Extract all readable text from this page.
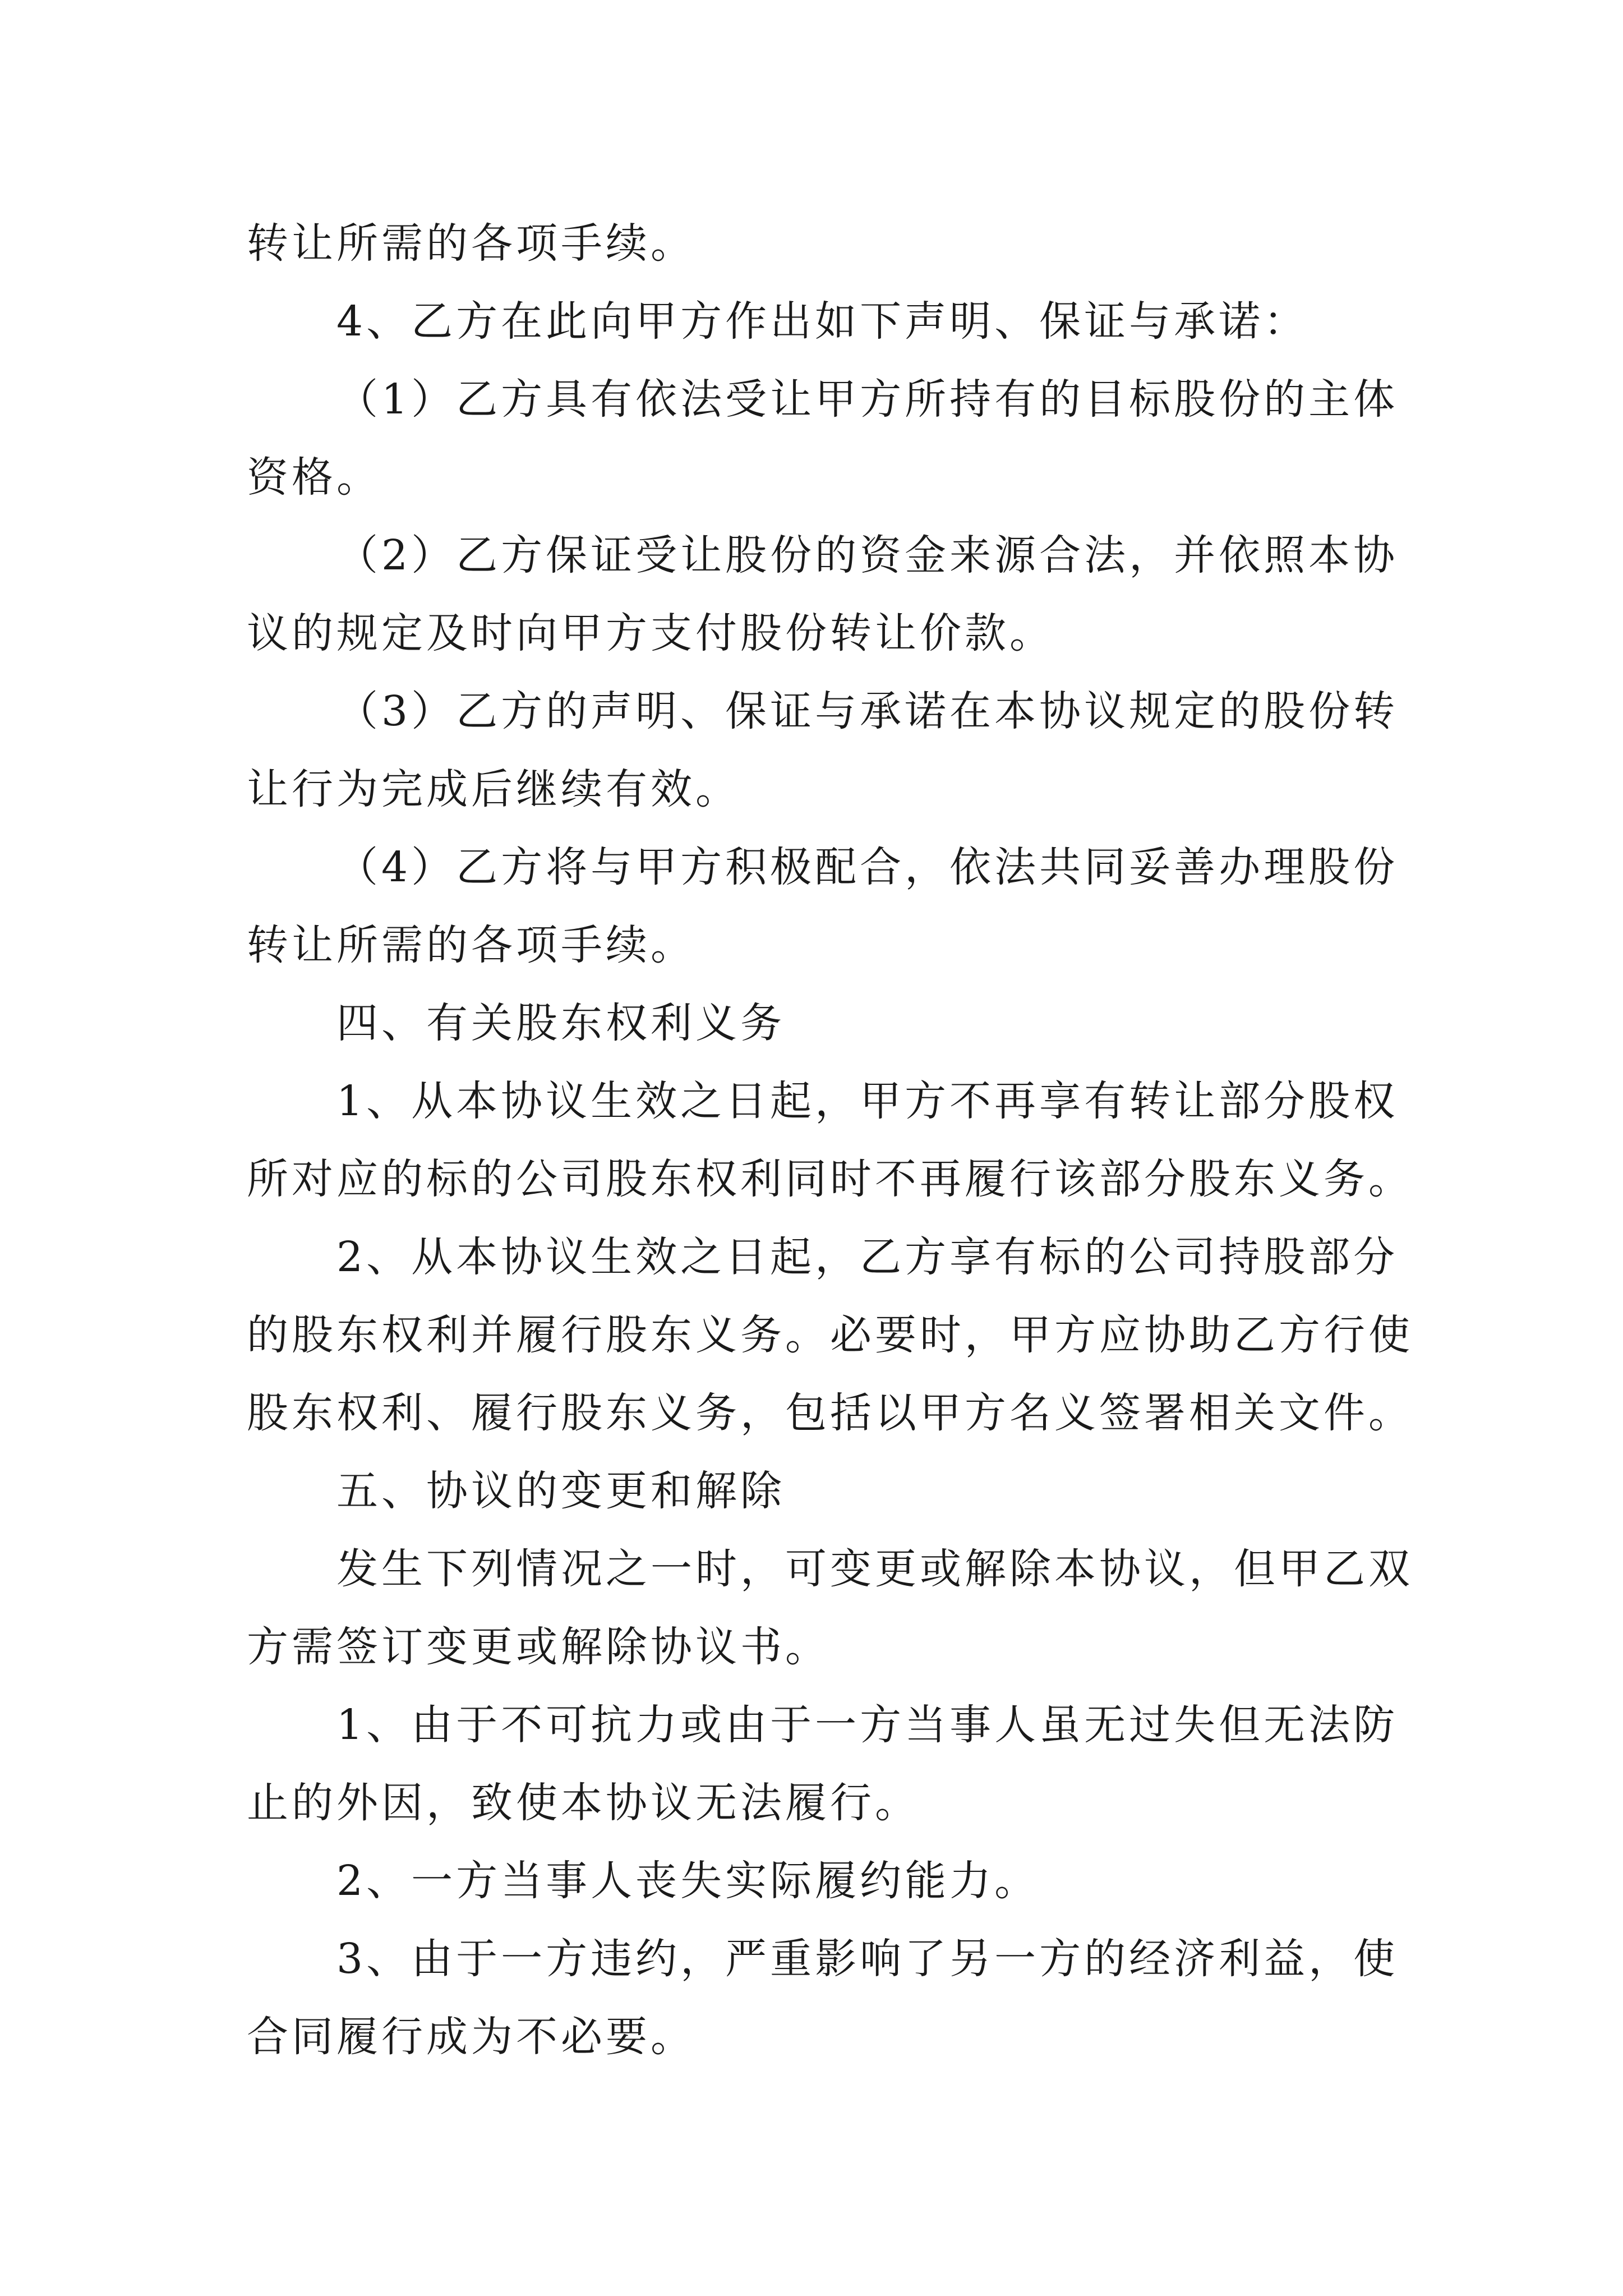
转让所需的各项手续。
4、乙方在此向甲方作出如下声明、保证与承诺：
（1）乙方具有依法受让甲方所持有的目标股份的主体
资格。
（2）乙方保证受让股份的资金来源合法，并依照本协
议的规定及时向甲方支付股份转让价款。
（3）乙方的声明、保证与承诺在本协议规定的股份转
让行为完成后继续有效。
（4）乙方将与甲方积极配合，依法共同妥善办理股份
转让所需的各项手续。
四、有关股东权利义务
1、从本协议生效之日起，甲方不再享有转让部分股权
所对应的标的公司股东权利同时不再履行该部分股东义务。
2、从本协议生效之日起，乙方享有标的公司持股部分
的股东权利并履行股东义务。必要时，甲方应协助乙方行使
股东权利、履行股东义务，包括以甲方名义签署相关文件。
五、协议的变更和解除
发生下列情况之一时，可变更或解除本协议，但甲乙双
方需签订变更或解除协议书。
1、由于不可抗力或由于一方当事人虽无过失但无法防
止的外因，致使本协议无法履行。
2、一方当事人丧失实际履约能力。
3、由于一方违约，严重影响了另一方的经济利益，使
合同履行成为不必要。
